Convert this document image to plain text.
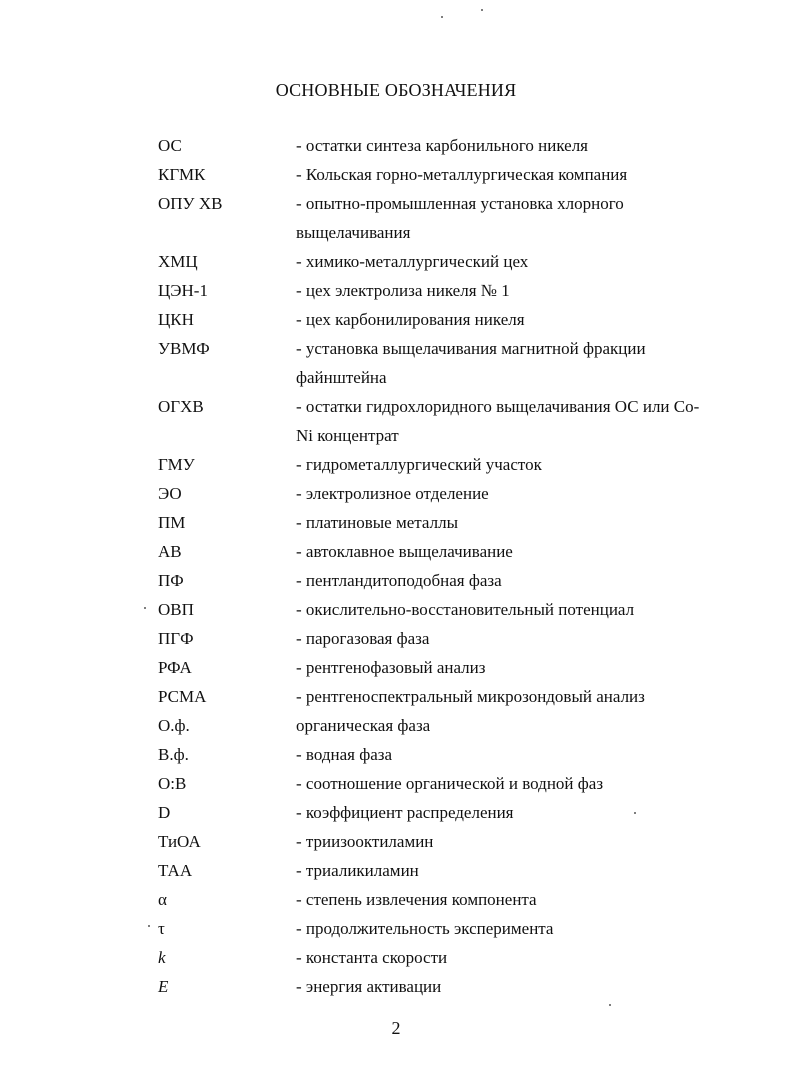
ОСНОВНЫЕ ОБОЗНАЧЕНИЯ
ОС	- остатки синтеза карбонильного никеля
КГМК	- Кольская горно-металлургическая компания
ОПУ ХВ	- опытно-промышленная установка хлорного
выщелачивания
ХМЦ	- химико-металлургический цех
ЦЭН-1	- цех электролиза никеля № 1
ЦКН	- цех карбонилирования никеля
УВМФ	- установка выщелачивания магнитной фракции
файнштейна
ОГХВ	- остатки гидрохлоридного выщелачивания ОС или Co-
Ni концентрат
ГМУ	- гидрометаллургический участок
ЭО	- электролизное отделение
ПМ	- платиновые металлы
АВ	- автоклавное выщелачивание
ПФ	- пентландитоподобная фаза
ОВП	- окислительно-восстановительный потенциал
ПГФ	- парогазовая фаза
РФА	- рентгенофазовый анализ
РСМА	- рентгеноспектральный микрозондовый анализ
О.ф.	органическая фаза
В.ф.	- водная фаза
О:В	- соотношение органической и водной фаз
D	- коэффициент распределения
ТиОА	- триизооктиламин
ТАА	- триаликиламин
α	- степень извлечения компонента
τ	- продолжительность эксперимента
k	- константа скорости
E	- энергия активации
2
